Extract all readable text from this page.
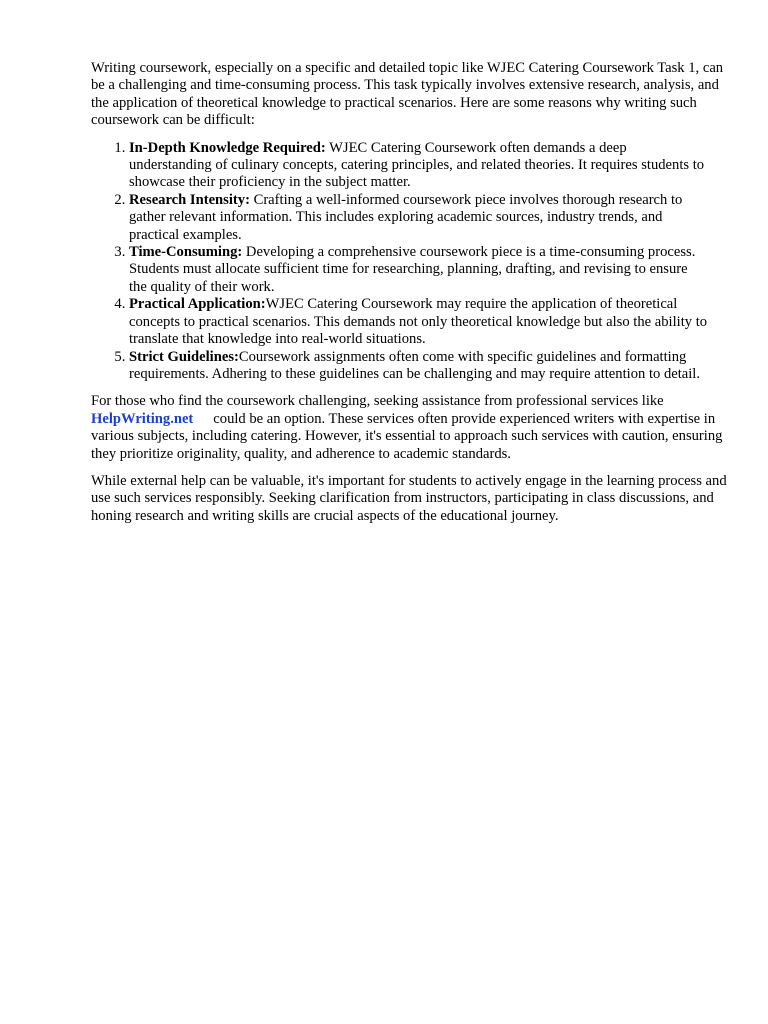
Writing coursework, especially on a specific and detailed topic like WJEC Catering Coursework Task 1, can be a challenging and time-consuming process. This task typically involves extensive research, analysis, and the application of theoretical knowledge to practical scenarios. Here are some reasons why writing such coursework can be difficult:

1. In-Depth Knowledge Required: WJEC Catering Coursework often demands a deep understanding of culinary concepts, catering principles, and related theories. It requires students to showcase their proficiency in the subject matter.
2. Research Intensity: Crafting a well-informed coursework piece involves thorough research to gather relevant information. This includes exploring academic sources, industry trends, and practical examples.
3. Time-Consuming: Developing a comprehensive coursework piece is a time-consuming process. Students must allocate sufficient time for researching, planning, drafting, and revising to ensure the quality of their work.
4. Practical Application:WJEC Catering Coursework may require the application of theoretical concepts to practical scenarios. This demands not only theoretical knowledge but also the ability to translate that knowledge into real-world situations.
5. Strict Guidelines:Coursework assignments often come with specific guidelines and formatting requirements. Adhering to these guidelines can be challenging and may require attention to detail.

For those who find the coursework challenging, seeking assistance from professional services like HelpWriting.net could be an option. These services often provide experienced writers with expertise in various subjects, including catering. However, it's essential to approach such services with caution, ensuring they prioritize originality, quality, and adherence to academic standards.

While external help can be valuable, it's important for students to actively engage in the learning process and use such services responsibly. Seeking clarification from instructors, participating in class discussions, and honing research and writing skills are crucial aspects of the educational journey.
